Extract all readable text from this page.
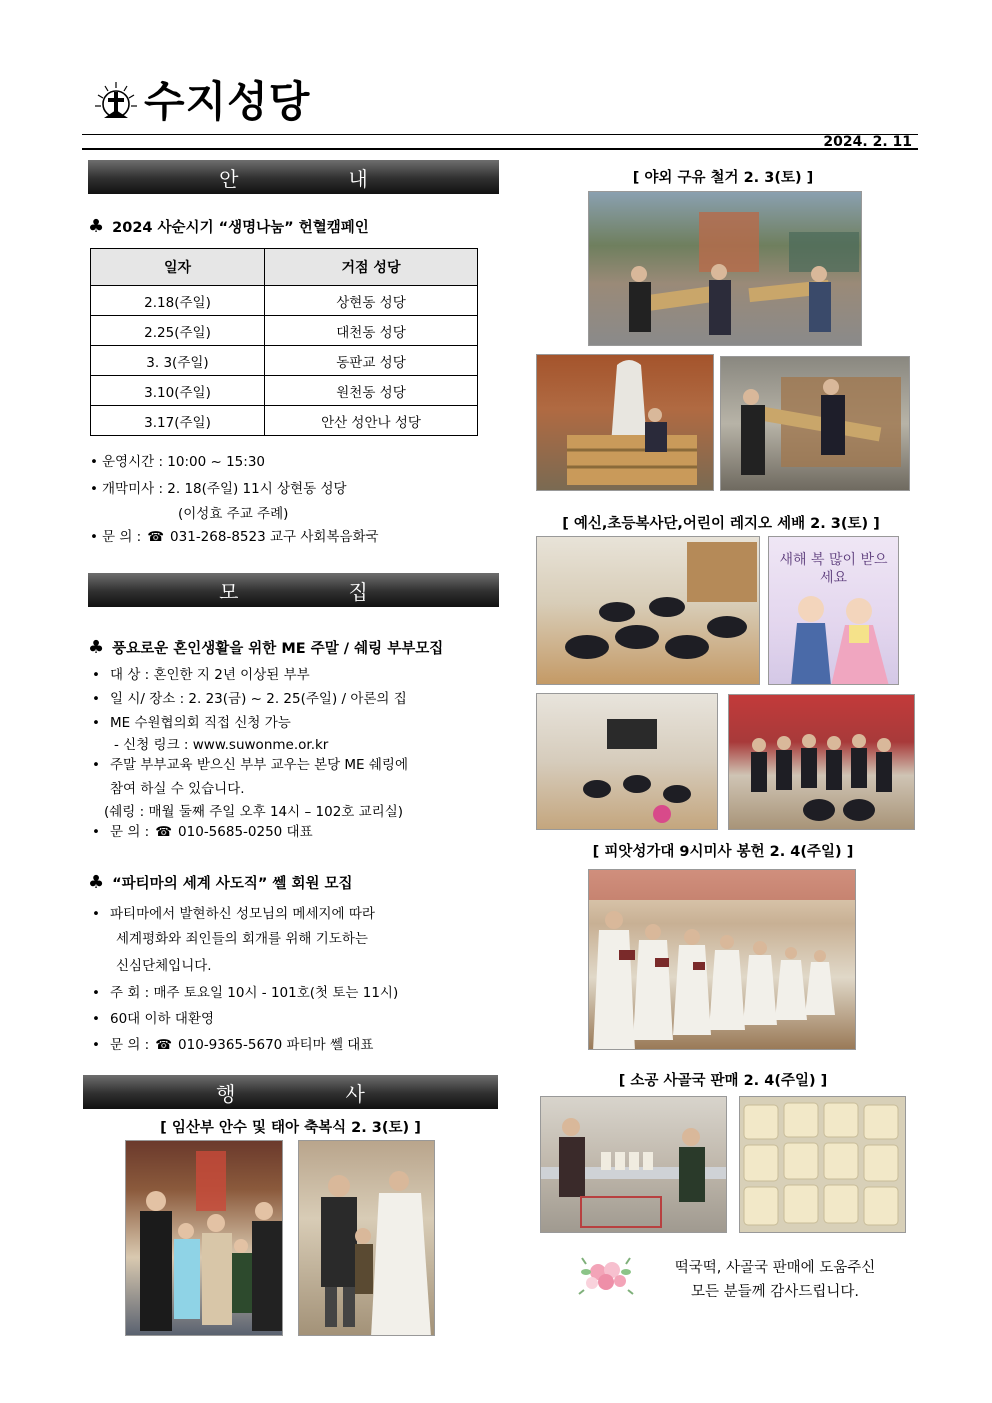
수지성당
2024. 2. 11
안	내
♣ 2024 사순시기 “생명나눔” 헌혈캠페인
일자	거점 성당
2.18(주일)	상현동 성당
2.25(주일)	대천동 성당
3. 3(주일)	동판교 성당
3.10(주일)	원천동 성당
3.17(주일)	안산 성안나 성당
• 운영시간 : 10:00 ~ 15:30
• 개막미사 : 2. 18(주일) 11시 상현동 성당
(이성효 주교 주례)
• 문 의 : ☎ 031-268-8523 교구 사회복음화국
모	집
♣ 풍요로운 혼인생활을 위한 ME 주말 / 쉐링 부부모집
• 대 상 : 혼인한 지 2년 이상된 부부
• 일 시/ 장소 : 2. 23(금) ~ 2. 25(주일) / 아론의 집
• ME 수원협의회 직접 신청 가능
- 신청 링크 : www.suwonme.or.kr
• 주말 부부교육 받으신 부부 교우는 본당 ME 쉐링에
참여 하실 수 있습니다.
(쉐링 : 매월 둘째 주일 오후 14시 – 102호 교리실)
• 문 의 : ☎ 010-5685-0250 대표
♣ “파티마의 세계 사도직” 쎌 회원 모집
• 파티마에서 발현하신 성모님의 메세지에 따라
세계평화와 죄인들의 회개를 위해 기도하는
신심단체입니다.
• 주 회 : 매주 토요일 10시 - 101호(첫 토는 11시)
• 60대 이하 대환영
• 문 의 : ☎ 010-9365-5670 파티마 쎌 대표
행	사
[ 임산부 안수 및 태아 축복식 2. 3(토) ]
[ 야외 구유 철거 2. 3(토) ]
[ 예신,초등복사단,어린이 레지오 세배 2. 3(토) ]
새해 복 많이 받으세요
[ 피앗성가대 9시미사 봉헌 2. 4(주일) ]
[ 소공 사골국 판매 2. 4(주일) ]
떡국떡, 사골국 판매에 도움주신
모든 분들께 감사드립니다.
